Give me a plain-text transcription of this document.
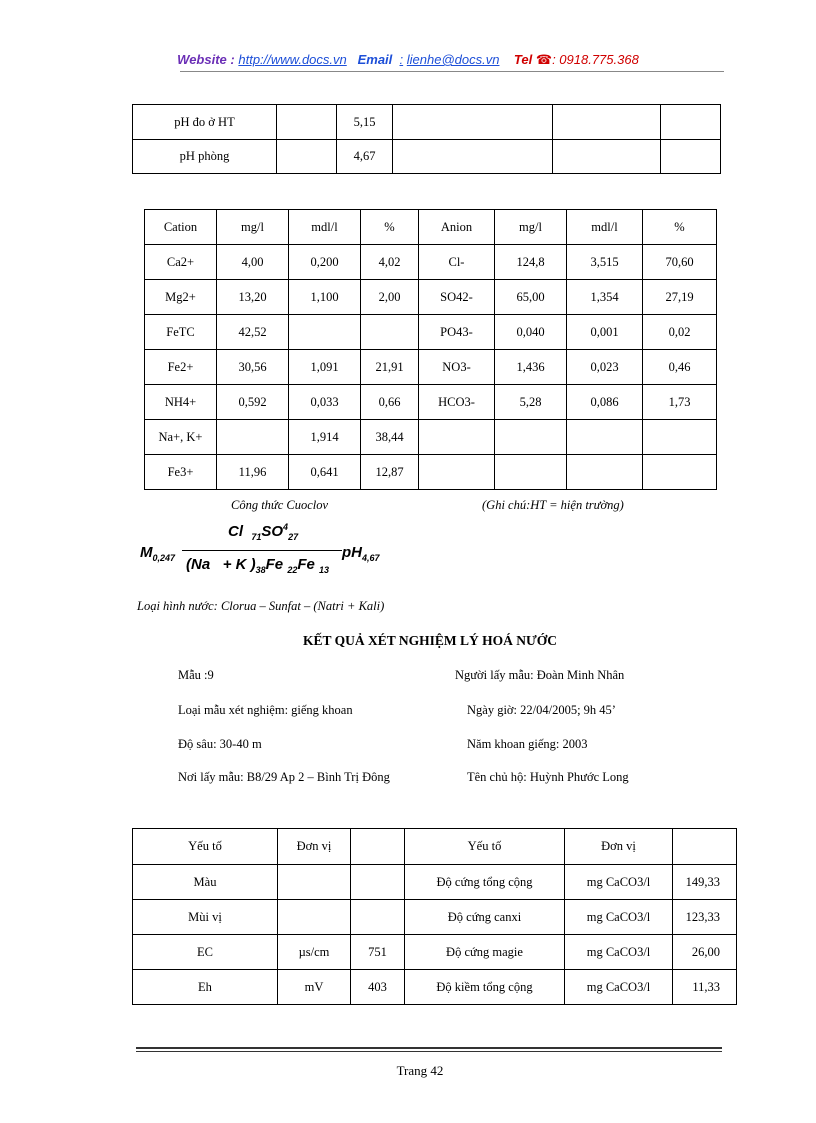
Website : http://www.docs.vn Email : lienhe@docs.vn Tel ☎: 0918.775.368
pH đo ở HT		5,15			
pH phòng		4,67			
Cation	mg/l	mdl/l	%	Anion	mg/l	mdl/l	%
Ca2+	4,00	0,200	4,02	Cl-	124,8	3,515	70,60
Mg2+	13,20	1,100	2,00	SO42-	65,00	1,354	27,19
FeTC	42,52			PO43-	0,040	0,001	0,02
Fe2+	30,56	1,091	21,91	NO3-	1,436	0,023	0,46
NH4+	0,592	0,033	0,66	HCO3-	5,28	0,086	1,73
Na+, K+		1,914	38,44				
Fe3+	11,96	0,641	12,87				
Công thức Cuoclov	(Ghi chú:HT = hiện trường)
$M_{0,247}$
Cl $_{71}SO^4_{27}$
(Na + K )$_{38}Fe$ $_{22}$Fe $_{13}$
$pH_{4,67}$
Loại hình nước: Clorua – Sunfat – (Natri + Kali)
KẾT QUẢ XÉT NGHIỆM LÝ HOÁ NƯỚC
Mẫu :9
Loại mẫu xét nghiệm: giếng khoan
Độ sâu: 30-40 m
Nơi lấy mẫu: B8/29 Ap 2 – Bình Trị Đông
Người lấy mẫu: Đoàn Minh Nhân
Ngày giờ: 22/04/2005; 9h 45’
Năm khoan giếng: 2003
Tên chủ hộ: Huỳnh Phước Long
Yếu tố	Đơn vị		Yếu tố	Đơn vị	
Màu			Độ cứng tổng cộng	mg CaCO3/l	149,33
Mùi vị			Độ cứng canxi	mg CaCO3/l	123,33
EC	µs/cm	751	Độ cứng magie	mg CaCO3/l	26,00
Eh	mV	403	Độ kiềm tổng cộng	mg CaCO3/l	11,33
Trang 42
